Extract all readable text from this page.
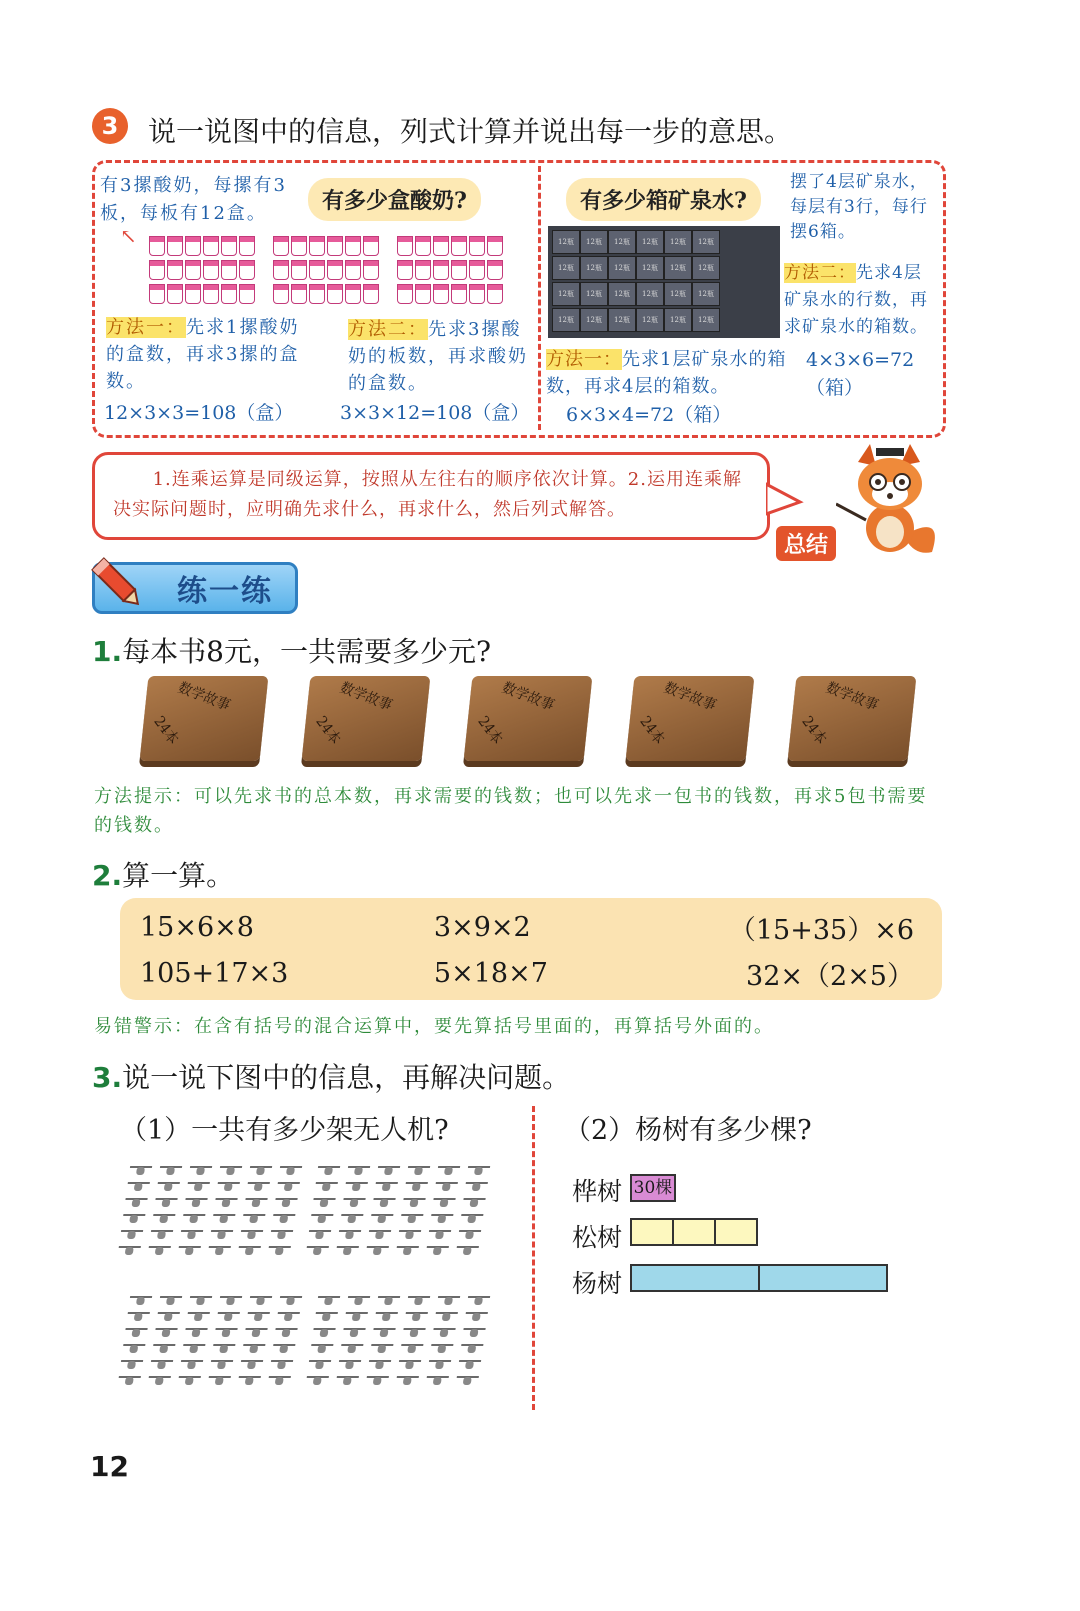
3	说一说图中的信息，列式计算并说出每一步的意思。
有3摞酸奶，每摞有3板，每板有12盒。	有多少盒酸奶?
↖
方法一：先求1摞酸奶的盒数，再求3摞的盒数。
12×3×3=108（盒）
方法二：先求3摞酸奶的板数，再求酸奶的盒数。
3×3×12=108（盒）
有多少箱矿泉水?
摆了4层矿泉水，每层有3行，每行摆6箱。
12瓶 12瓶 12瓶 12瓶 12瓶 12瓶
12瓶 12瓶 12瓶 12瓶 12瓶 12瓶
12瓶 12瓶 12瓶 12瓶 12瓶 12瓶
12瓶 12瓶 12瓶 12瓶 12瓶 12瓶
方法二：先求4层矿泉水的行数，再求矿泉水的箱数。
4×3×6=72（箱）
方法一：先求1层矿泉水的箱数，再求4层的箱数。
6×3×4=72（箱）
1.连乘运算是同级运算，按照从左往右的顺序依次计算。2.运用连乘解决实际问题时，应明确先求什么，再求什么，然后列式解答。
总结
练一练
1.每本书8元，一共需要多少元?
数学故事
24本
数学故事
24本
数学故事
24本
数学故事
24本
数学故事
24本
方法提示：可以先求书的总本数，再求需要的钱数；也可以先求一包书的钱数，再求5包书需要的钱数。
2.算一算。
15×6×8	3×9×2	（15+35）×6
105+17×3	5×18×7	32×（2×5）
易错警示：在含有括号的混合运算中，要先算括号里面的，再算括号外面的。
3.说一说下图中的信息，再解决问题。
（1）一共有多少架无人机?	（2）杨树有多少棵?

桦树 30棵
松树
杨树
12
